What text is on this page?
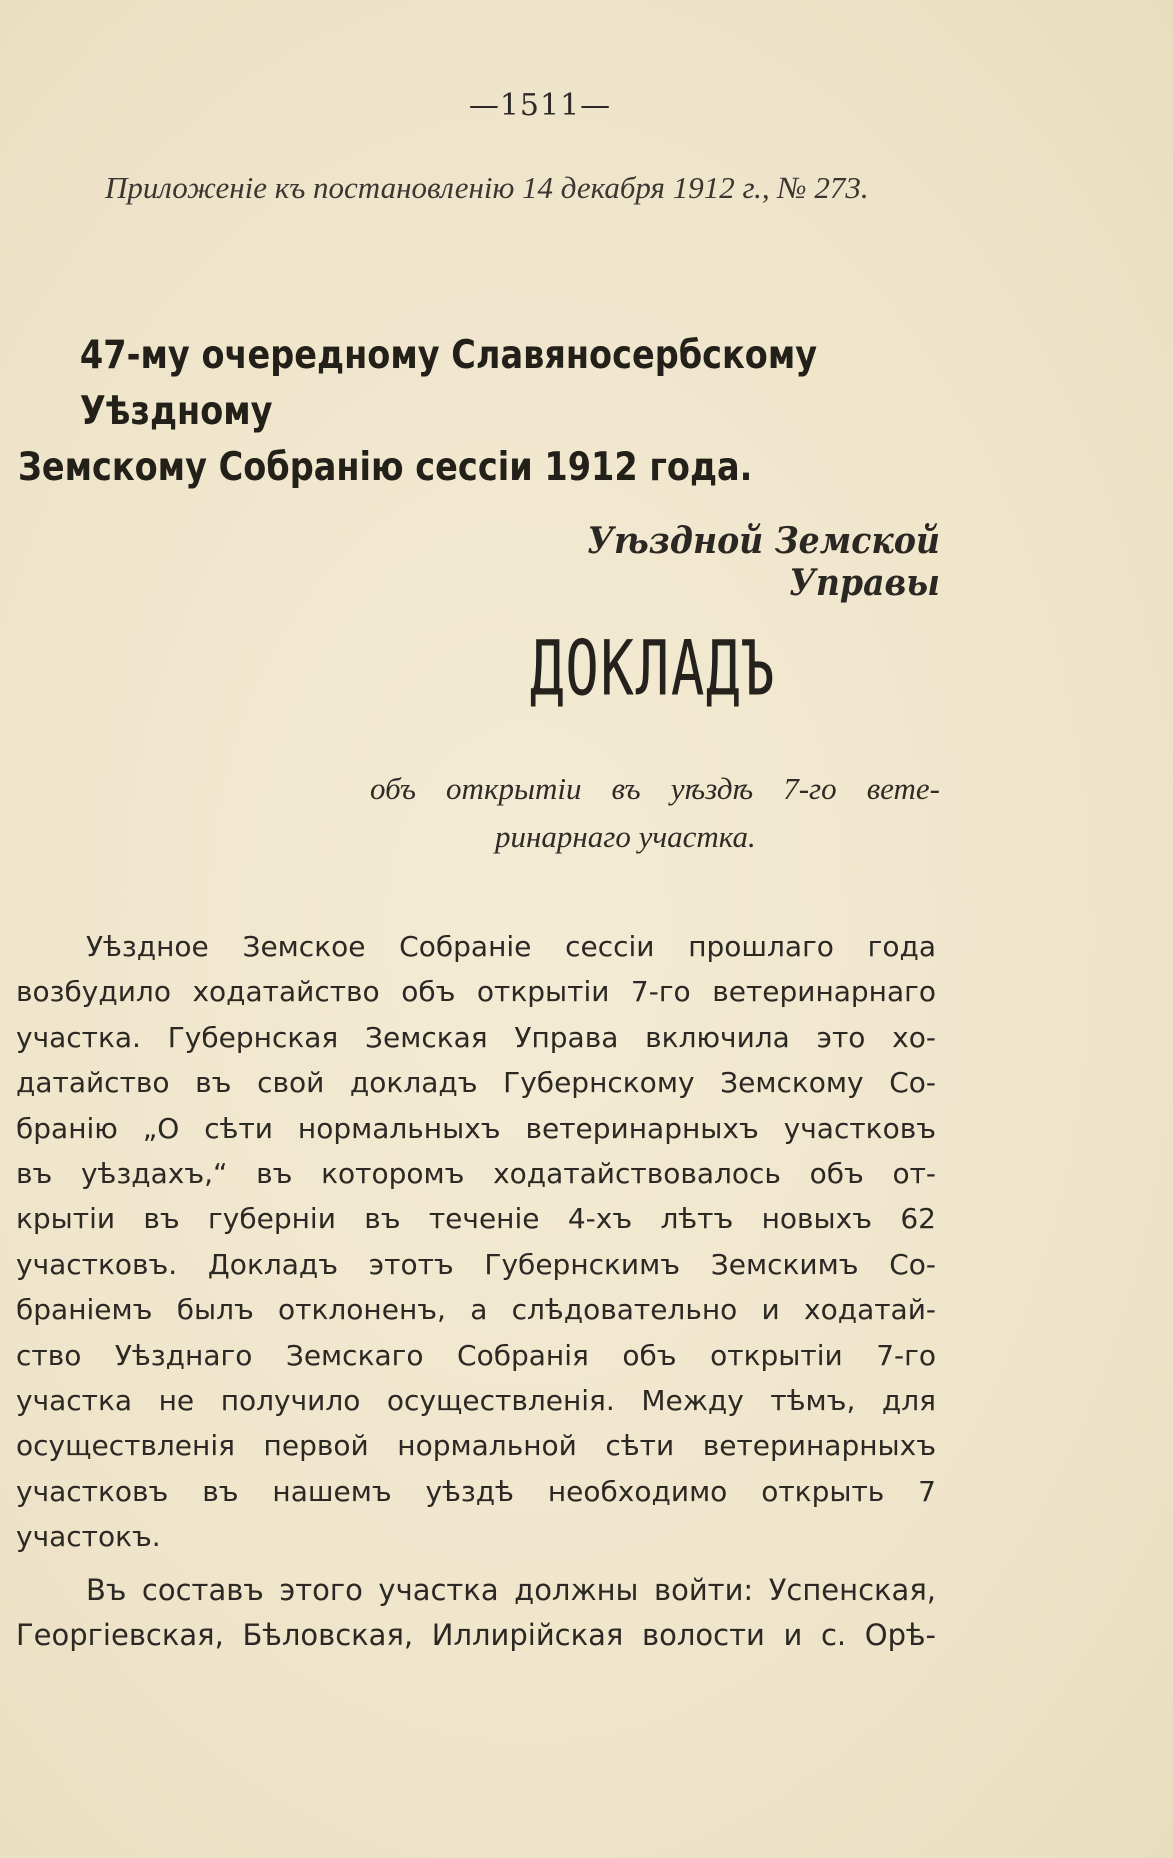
—1511—
Приложеніе къ постановленію 14 декабря 1912 г., № 273.
47-му очередному Славяносербскому Уѣздному
Земскому Собранію сессіи 1912 года.
Уѣздной Земской Управы
ДОКЛАДЪ
объ открытіи въ уѣздѣ 7-го вете-
ринарнаго участка.
Уѣздное Земское Собраніе сессіи прошлаго года
возбудило ходатайство объ открытіи 7-го ветеринарнаго
участка. Губернская Земская Управа включила это хо-
датайство въ свой докладъ Губернскому Земскому Со-
бранію „О сѣти нормальныхъ ветеринарныхъ участковъ
въ уѣздахъ,“ въ которомъ ходатайствовалось объ от-
крытіи въ губерніи въ теченіе 4-хъ лѣтъ новыхъ 62
участковъ. Докладъ этотъ Губернскимъ Земскимъ Со-
браніемъ былъ отклоненъ, а слѣдовательно и ходатай-
ство Уѣзднаго Земскаго Собранія объ открытіи 7-го
участка не получило осуществленія. Между тѣмъ, для
осуществленія первой нормальной сѣти ветеринарныхъ
участковъ въ нашемъ уѣздѣ необходимо открыть 7
участокъ.
Въ составъ этого участка должны войти: Успенская,
Георгіевская, Бѣловская, Иллирійская волости и с. Орѣ-
